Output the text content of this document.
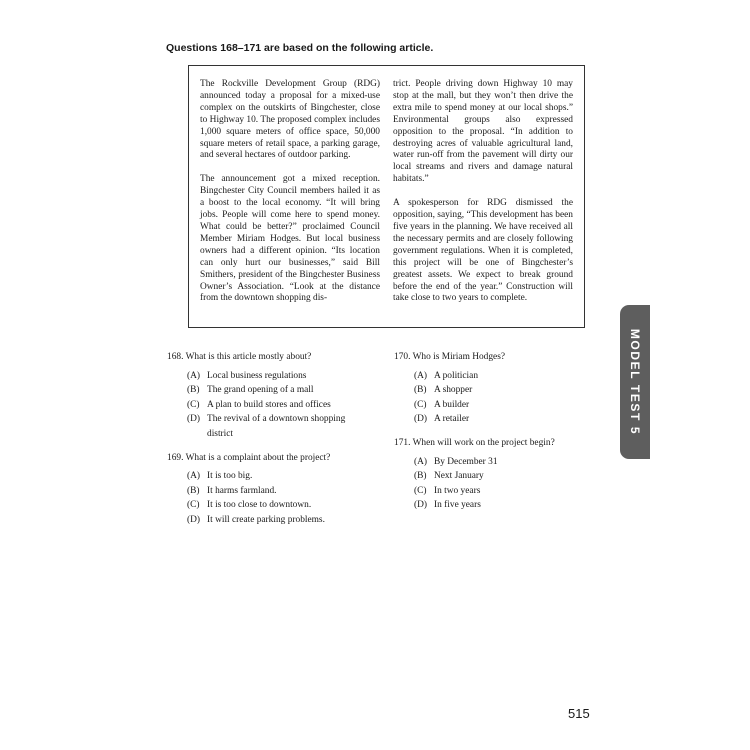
Questions 168–171 are based on the following article.

The Rockville Development Group (RDG) announced today a proposal for a mixed-use complex on the outskirts of Bingchester, close to Highway 10. The proposed complex includes 1,000 square meters of office space, 50,000 square meters of retail space, a parking garage, and several hectares of outdoor parking.

The announcement got a mixed reception. Bingchester City Council members hailed it as a boost to the local economy. “It will bring jobs. People will come here to spend money. What could be better?” proclaimed Council Member Miriam Hodges. But local business owners had a different opinion. “Its location can only hurt our businesses,” said Bill Smithers, president of the Bingchester Business Owner’s Association. “Look at the distance from the downtown shopping dis-

trict. People driving down Highway 10 may stop at the mall, but they won’t then drive the extra mile to spend money at our local shops.” Environmental groups also expressed opposition to the proposal. “In addition to destroying acres of valuable agricultural land, water run-off from the pavement will dirty our local streams and rivers and damage natural habitats.”

A spokesperson for RDG dismissed the opposition, saying, “This development has been five years in the planning. We have received all the necessary permits and are closely following government regulations. When it is completed, this project will be one of Bingchester’s greatest assets. We expect to break ground before the end of the year.” Construction will take close to two years to complete.

168. What is this article mostly about?
(A) Local business regulations
(B) The grand opening of a mall
(C) A plan to build stores and offices
(D) The revival of a downtown shopping district
169. What is a complaint about the project?
(A) It is too big.
(B) It harms farmland.
(C) It is too close to downtown.
(D) It will create parking problems.
170. Who is Miriam Hodges?
(A) A politician
(B) A shopper
(C) A builder
(D) A retailer
171. When will work on the project begin?
(A) By December 31
(B) Next January
(C) In two years
(D) In five years
MODEL TEST 5
515
